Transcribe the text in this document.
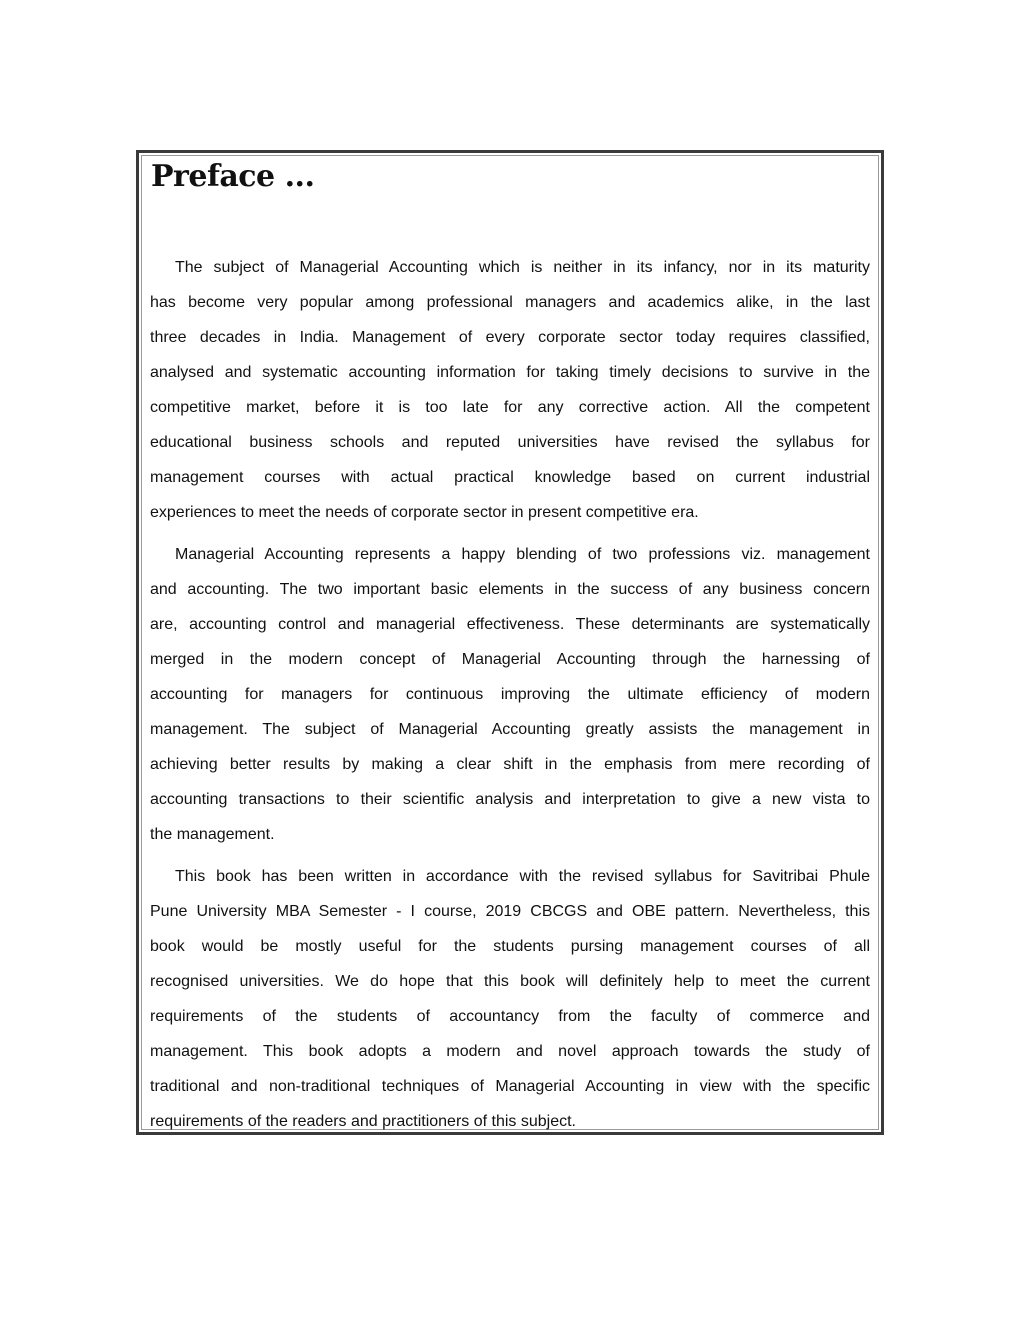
Preface ...
The subject of Managerial Accounting which is neither in its infancy, nor in its maturity
has become very popular among professional managers and academics alike, in the last
three decades in India. Management of every corporate sector today requires classified,
analysed and systematic accounting information for taking timely decisions to survive in the
competitive market, before it is too late for any corrective action. All the competent
educational business schools and reputed universities have revised the syllabus for
management courses with actual practical knowledge based on current industrial
experiences to meet the needs of corporate sector in present competitive era.
Managerial Accounting represents a happy blending of two professions viz. management
and accounting. The two important basic elements in the success of any business concern
are, accounting control and managerial effectiveness. These determinants are systematically
merged in the modern concept of Managerial Accounting through the harnessing of
accounting for managers for continuous improving the ultimate efficiency of modern
management. The subject of Managerial Accounting greatly assists the management in
achieving better results by making a clear shift in the emphasis from mere recording of
accounting transactions to their scientific analysis and interpretation to give a new vista to
the management.
This book has been written in accordance with the revised syllabus for Savitribai Phule
Pune University MBA Semester - I course, 2019 CBCGS and OBE pattern. Nevertheless, this
book would be mostly useful for the students pursing management courses of all
recognised universities. We do hope that this book will definitely help to meet the current
requirements of the students of accountancy from the faculty of commerce and
management. This book adopts a modern and novel approach towards the study of
traditional and non-traditional techniques of Managerial Accounting in view with the specific
requirements of the readers and practitioners of this subject.
